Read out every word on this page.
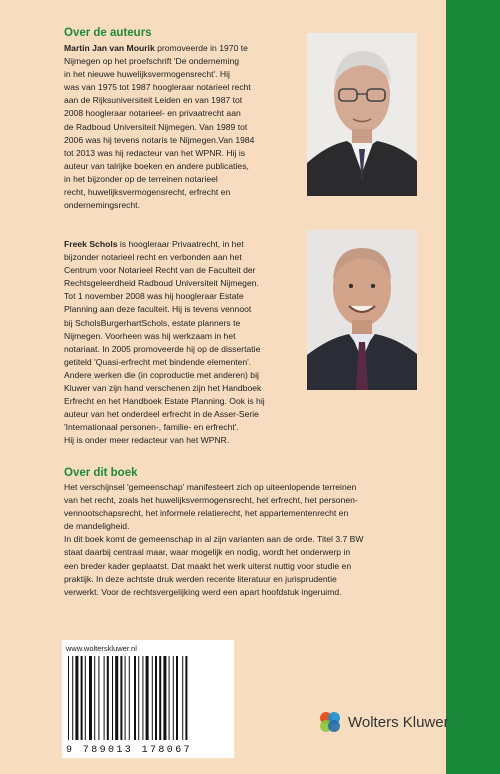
Over de auteurs

Martin Jan van Mourik promoveerde in 1970 te
Nijmegen op het proefschrift 'De onderneming
in het nieuwe huwelijksvermogensrecht'. Hij
was van 1975 tot 1987 hoogleraar notarieel recht
aan de Rijksuniversiteit Leiden en van 1987 tot
2008 hoogleraar notarieel- en privaatrecht aan
de Radboud Universiteit Nijmegen. Van 1989 tot
2006 was hij tevens notaris te Nijmegen.Van 1984
tot 2013 was hij redacteur van het WPNR. Hij is
auteur van talrijke boeken en andere publicaties,
in het bijzonder op de terreinen notarieel
recht, huwelijksvermogensrecht, erfrecht en
ondernemingsrecht.

Freek Schols is hoogleraar Privaatrecht, in het
bijzonder notarieel recht en verbonden aan het
Centrum voor Notarieel Recht van de Faculteit der
Rechtsgeleerdheid Radboud Universiteit Nijmegen.
Tot 1 november 2008 was hij hoogleraar Estate
Planning aan deze faculteit. Hij is tevens vennoot
bij ScholsBurgerhartSchols, estate planners te
Nijmegen. Voorheen was hij werkzaam in het
notariaat. In 2005 promoveerde hij op de dissertatie
getiteld 'Quasi-erfrecht met bindende elementen'.
Andere werken die (in coproductie met anderen) bij
Kluwer van zijn hand verschenen zijn het Handboek
Erfrecht en het Handboek Estate Planning. Ook is hij
auteur van het onderdeel erfrecht in de Asser-Serie
'Internationaal personen-, familie- en erfrecht'.
Hij is onder meer redacteur van het WPNR.

Over dit boek

Het verschijnsel 'gemeenschap' manifesteert zich op uiteenlopende terreinen
van het recht, zoals het huwelijksvermogensrecht, het erfrecht, het personen-
vennootschapsrecht, het informele relatierecht, het appartementenrecht en
de mandeligheid.
In dit boek komt de gemeenschap in al zijn varianten aan de orde. Titel 3.7 BW
staat daarbij centraal maar, waar mogelijk en nodig, wordt het onderwerp in
een breder kader geplaatst. Dat maakt het werk uiterst nuttig voor studie en
praktijk. In deze achtste druk werden recente literatuur en jurisprudentie
verwerkt. Voor de rechtsvergelijking werd een apart hoofdstuk ingeruimd.

www.wolterskluwer.nl
9 789013 178067
Wolters Kluwer
